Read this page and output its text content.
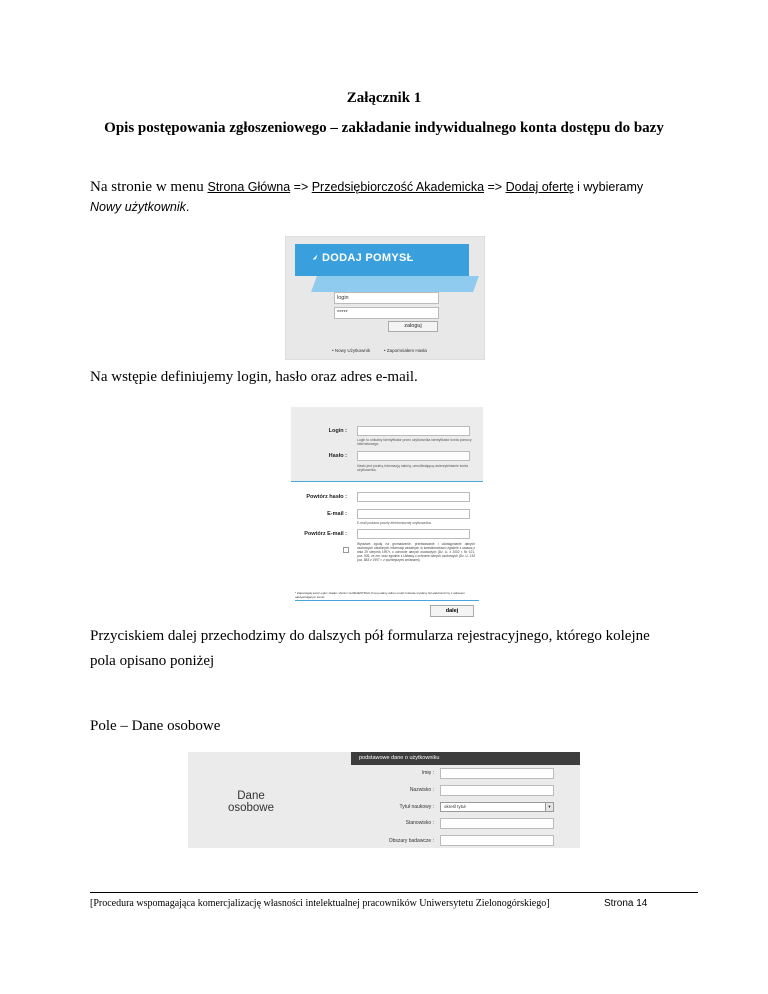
Załącznik 1
Opis postępowania zgłoszeniowego – zakładanie indywidualnego konta dostępu do bazy
Na stronie w menu Strona Główna => Przedsiębiorczość Akademicka => Dodaj ofertę i wybieramy
Nowy użytkownik.
DODAJ POMYSŁ
login
*****
zaloguj
• Nowy Użytkownik	• Zapomniałem Hasła
Na wstępie definiujemy login, hasło oraz adres e-mail.
Login :
Login to unikalny identyfikator przez użytkownika identyfikator konta pomocy internetowego.
Hasło :
Hasło jest poufną informacją należą, umożliwiającą uwierzytelnianie konta użytkownika.
Powtórz hasło :
E-mail :
E-mail podana poczty elektronicznej użytkownika.
Powtórz E-mail :
Wyrażam zgodę na gromadzenie, przetwarzanie i udostępnianie danych osobowych ustalonych informacji zawartych w kwestionariuszu zgodnie z ustawą z dnia 29 sierpnia 1997r. o ochronie danych osobowych (Dz. U. z 2002 r. Nr 101, poz. 926, ze zm. oraz zgodnie z Ustawą o ochronie danych osobowych (Dz. U. 133 poz. 883 z 1997 r. z późniejszymi zmianami).
* Zapamiętaj swój Login i Hasło i Zanim za REJESTRACJI na podany adres email zostanie wysłany list elektroniczny z adresem uaktywniającym konto.
dalej
Przyciskiem dalej przechodzimy do dalszych pół formularza rejestracyjnego, którego kolejne
pola opisano poniżej
Pole – Dane osobowe
podstawowe dane o użytkowniku
Dane
osobowe
Imię :
Nazwisko :
Tytuł naukowy :	określ tytuł	▼
Stanowisko :
Obszary badawcze :
[Procedura wspomagająca komercjalizację własności intelektualnej pracowników Uniwersytetu Zielonogórskiego]	Strona 14
